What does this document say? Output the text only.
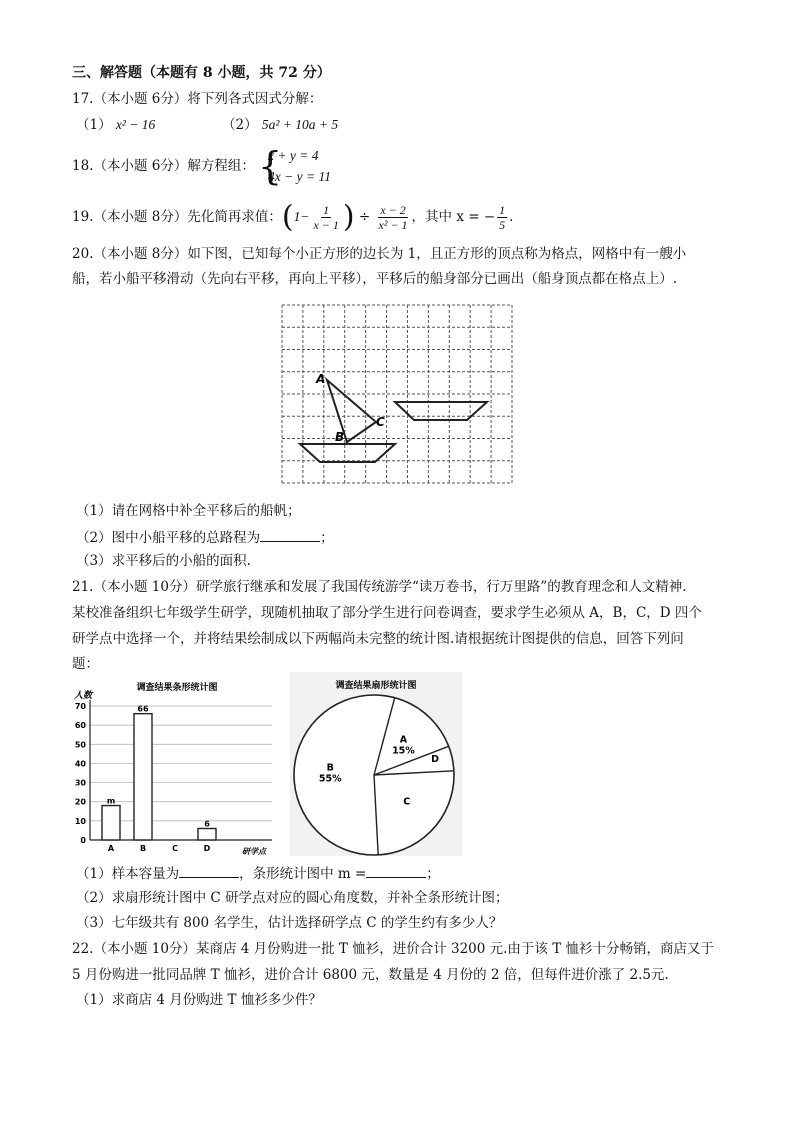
三、解答题（本题有 8 小题，共 72 分）
17.（本小题 6分）将下列各式因式分解：
（1） x² − 16	（2） 5a² + 10a + 5
18.（本小题 6分）解方程组： {
x + y = 4
4x − y = 11
19.（本小题 8分）先化简再求值：($1- \frac{1}{x - 1}$ ) ÷ $\frac{x - 2}{\text{x² − 1}}$ ，其中 x = − $\frac{1}{5}$ .
20.（本小题 8分）如下图，已知每个小正方形的边长为 1，且正方形的顶点称为格点，网格中有一艘小
船，若小船平移滑动（先向右平移，再向上平移），平移后的船身部分已画出（船身顶点都在格点上）.
A
B
C
（1）请在网格中补全平移后的船帆；
（2）图中小船平移的总路程为	；
（3）求平移后的小船的面积.
21.（本小题 10分）研学旅行继承和发展了我国传统游学“读万卷书，行万里路”的教育理念和人文精神.
某校准备组织七年级学生研学，现随机抽取了部分学生进行问卷调查，要求学生必须从 A，B，C，D 四个
研学点中选择一个，并将结果绘制成以下两幅尚未完整的统计图.请根据统计图提供的信息，回答下列问
题：
调查结果条形统计图
人数
研学点
0
10
20
30
40
50
60
70
m
A
66
B	C
6
D
调查结果扇形统计图
A
15%
D
C
B
55%
（1）样本容量为	，条形统计图中 m =	；
（2）求扇形统计图中 C 研学点对应的圆心角度数，并补全条形统计图；
（3）七年级共有 800 名学生，估计选择研学点 C 的学生约有多少人？
22.（本小题 10分）某商店 4 月份购进一批 T 恤衫，进价合计 3200 元.由于该 T 恤衫十分畅销，商店又于
5 月份购进一批同品牌 T 恤衫，进价合计 6800 元，数量是 4 月份的 2 倍，但每件进价涨了 2.5元.
（1）求商店 4 月份购进 T 恤衫多少件？
